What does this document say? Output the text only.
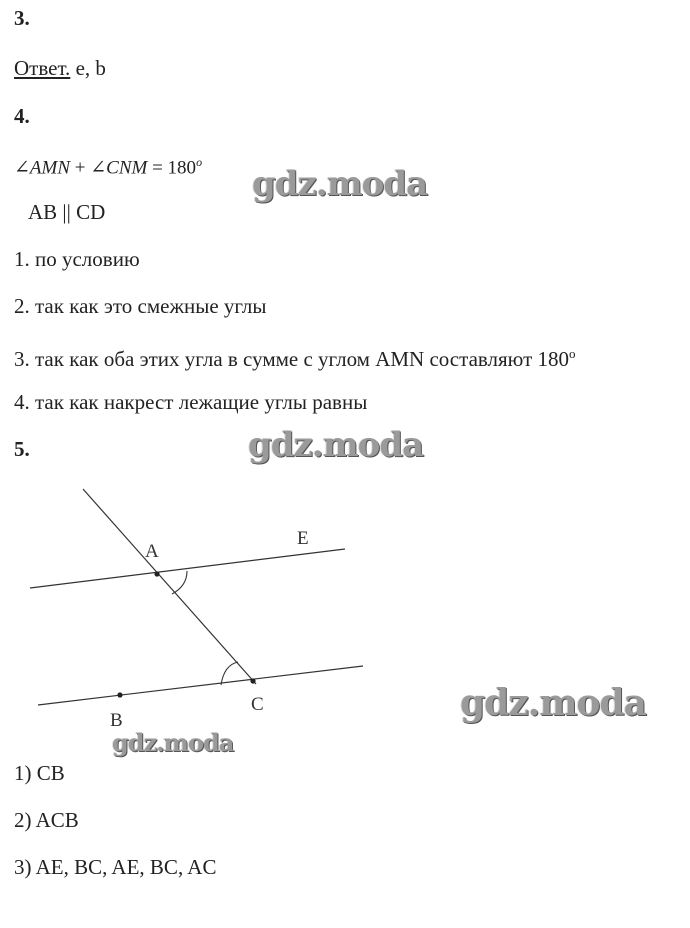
3.
Ответ. e, b
4.
∠AMN + ∠CNM = $180^o$
AB || CD
1. по условию
2. так как это смежные углы
3. так как оба этих угла в сумме с углом AMN составляют 180$^o$
4. так как накрест лежащие углы равны
5.
A
E
B
C
1) CB
2) ACB
3) AE, BC, AE, BC, AC
gdz.moda
gdz.moda
gdz.moda
gdz.moda
